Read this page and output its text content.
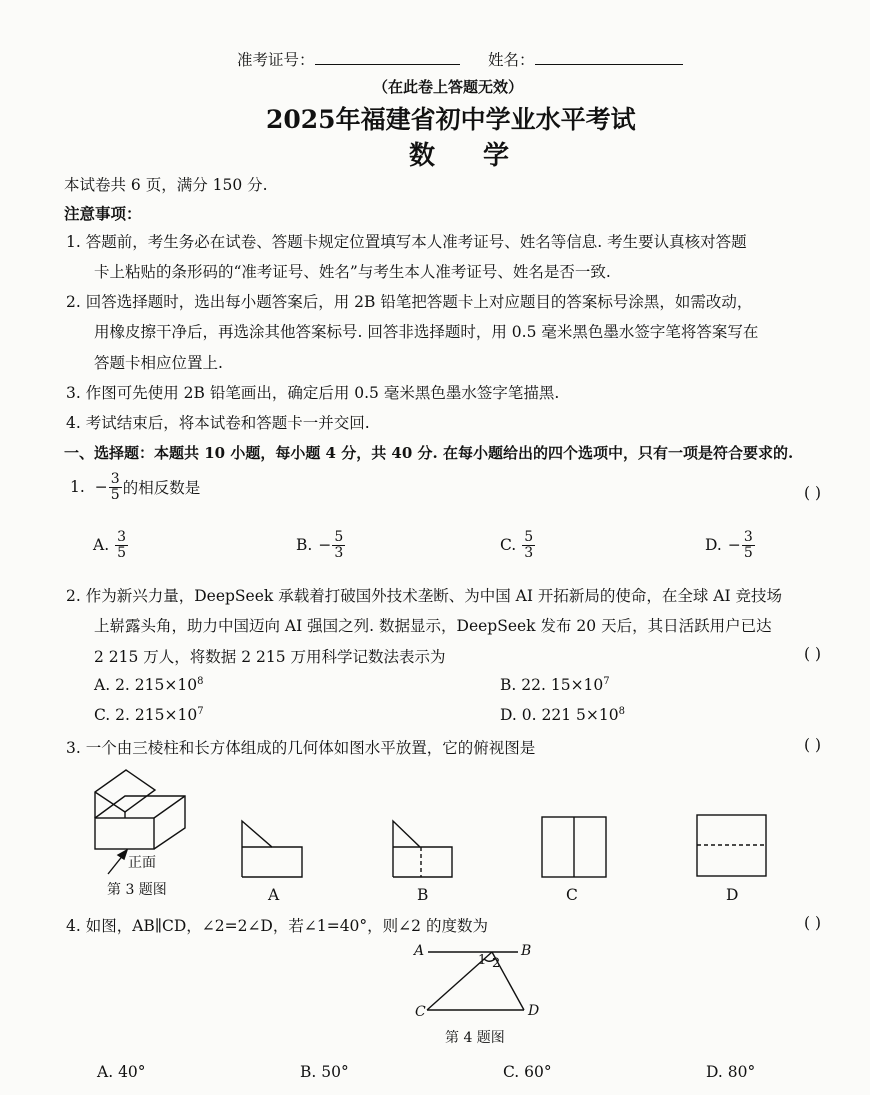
准考证号：	姓名：
（在此卷上答题无效）
2025年福建省初中学业水平考试
数学
本试卷共 6 页，满分 150 分.
注意事项：
1. 答题前，考生务必在试卷、答题卡规定位置填写本人准考证号、姓名等信息. 考生要认真核对答题
卡上粘贴的条形码的“准考证号、姓名”与考生本人准考证号、姓名是否一致.
2. 回答选择题时，选出每小题答案后，用 2B 铅笔把答题卡上对应题目的答案标号涂黑，如需改动，
用橡皮擦干净后，再选涂其他答案标号. 回答非选择题时，用 0.5 毫米黑色墨水签字笔将答案写在
答题卡相应位置上.
3. 作图可先使用 2B 铅笔画出，确定后用 0.5 毫米黑色墨水签字笔描黑.
4. 考试结束后，将本试卷和答题卡一并交回.
一、选择题：本题共 10 小题，每小题 4 分，共 40 分. 在每小题给出的四个选项中，只有一项是符合要求的.
1. − $\frac{3}{5}$ 的相反数是	( )
A. $\frac{3}{5}$	B. − $\frac{5}{3}$	C. $\frac{5}{3}$	D. − $\frac{3}{5}$
2. 作为新兴力量，DeepSeek 承载着打破国外技术垄断、为中国 AI 开拓新局的使命，在全球 AI 竞技场
上崭露头角，助力中国迈向 AI 强国之列. 数据显示，DeepSeek 发布 20 天后，其日活跃用户已达
2 215 万人，将数据 2 215 万用科学记数法表示为	( )
A. 2. $215\times 10^8$	B. 22. $15\times 10^7$
C. 2. $215\times 10^7$	D. 0. 221 $5\times 10^8$
3. 一个由三棱柱和长方体组成的几何体如图水平放置，它的俯视图是	( )
正面
第 3 题图	A	B	C	D
4. 如图，AB∥CD，∠2=2∠D，若∠1=40°，则∠2 的度数为	( )
A	B
C	D
1 2
第 4 题图
A. 40°	B. 50°	C. 60°	D. 80°
